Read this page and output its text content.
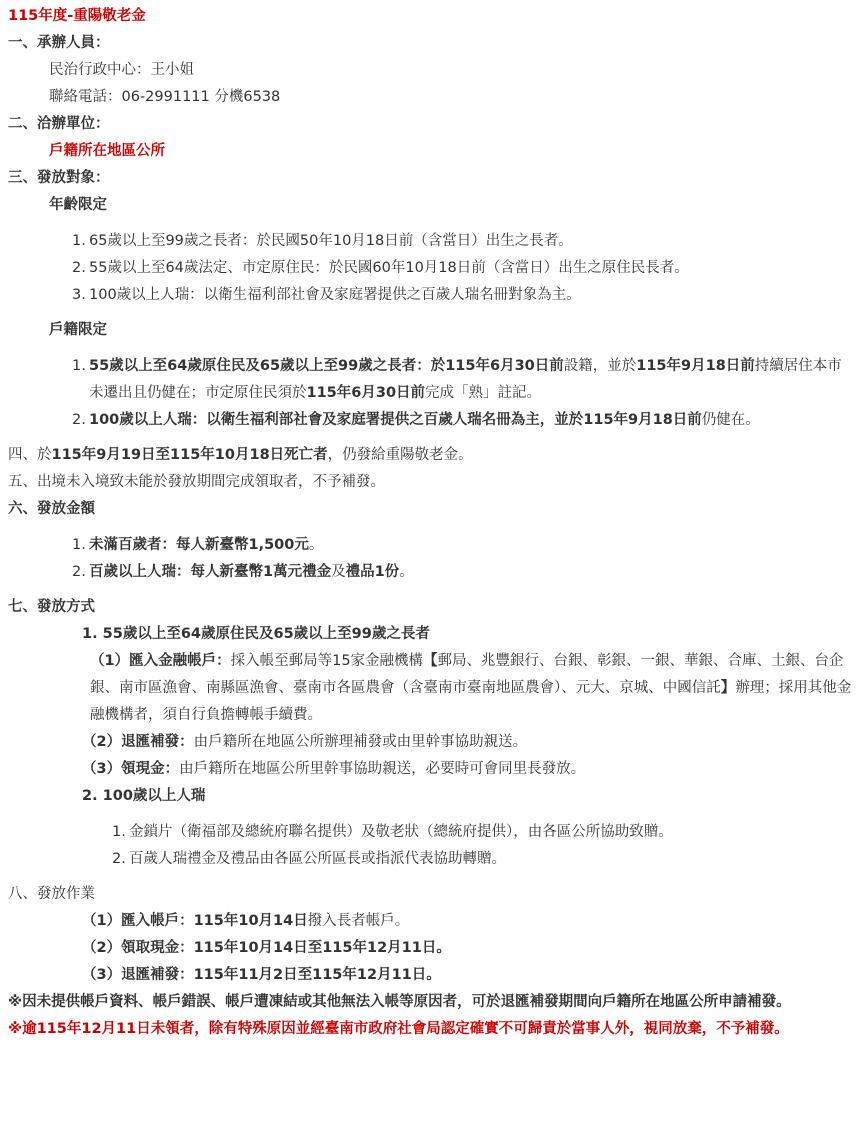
115年度-重陽敬老金
一、承辦人員：
民治行政中心：王小姐
聯絡電話：06-2991111 分機6538
二、洽辦單位：
戶籍所在地區公所
三、發放對象：
年齡限定
1. 65歲以上至99歲之長者：於民國50年10月18日前（含當日）出生之長者。
2. 55歲以上至64歲法定、市定原住民：於民國60年10月18日前（含當日）出生之原住民長者。
3. 100歲以上人瑞：以衛生福利部社會及家庭署提供之百歲人瑞名冊對象為主。
戶籍限定
1. 55歲以上至64歲原住民及65歲以上至99歲之長者：於115年6月30日前設籍，並於115年9月18日前持續居住本市未遷出且仍健在；市定原住民須於115年6月30日前完成「熟」註記。
2. 100歲以上人瑞：以衛生福利部社會及家庭署提供之百歲人瑞名冊為主，並於115年9月18日前仍健在。
四、於115年9月19日至115年10月18日死亡者，仍發給重陽敬老金。
五、出境未入境致未能於發放期間完成領取者，不予補發。
六、發放金額
1. 未滿百歲者：每人新臺幣1,500元。
2. 百歲以上人瑞：每人新臺幣1萬元禮金及禮品1份。
七、發放方式
1. 55歲以上至64歲原住民及65歲以上至99歲之長者
（1）匯入金融帳戶：採入帳至郵局等15家金融機構【郵局、兆豐銀行、台銀、彰銀、一銀、華銀、合庫、土銀、台企銀、南市區漁會、南縣區漁會、臺南市各區農會（含臺南市臺南地區農會）、元大、京城、中國信託】辦理；採用其他金融機構者，須自行負擔轉帳手續費。
（2）退匯補發：由戶籍所在地區公所辦理補發或由里幹事協助親送。
（3）領現金：由戶籍所在地區公所里幹事協助親送，必要時可會同里長發放。
2. 100歲以上人瑞
1. 金鎖片（衛福部及總統府聯名提供）及敬老狀（總統府提供），由各區公所協助致贈。
2. 百歲人瑞禮金及禮品由各區公所區長或指派代表協助轉贈。
八、發放作業
（1）匯入帳戶：115年10月14日撥入長者帳戶。
（2）領取現金：115年10月14日至115年12月11日。
（3）退匯補發：115年11月2日至115年12月11日。
※因未提供帳戶資料、帳戶錯誤、帳戶遭凍結或其他無法入帳等原因者，可於退匯補發期間向戶籍所在地區公所申請補發。
※逾115年12月11日未領者，除有特殊原因並經臺南市政府社會局認定確實不可歸責於當事人外，視同放棄，不予補發。
